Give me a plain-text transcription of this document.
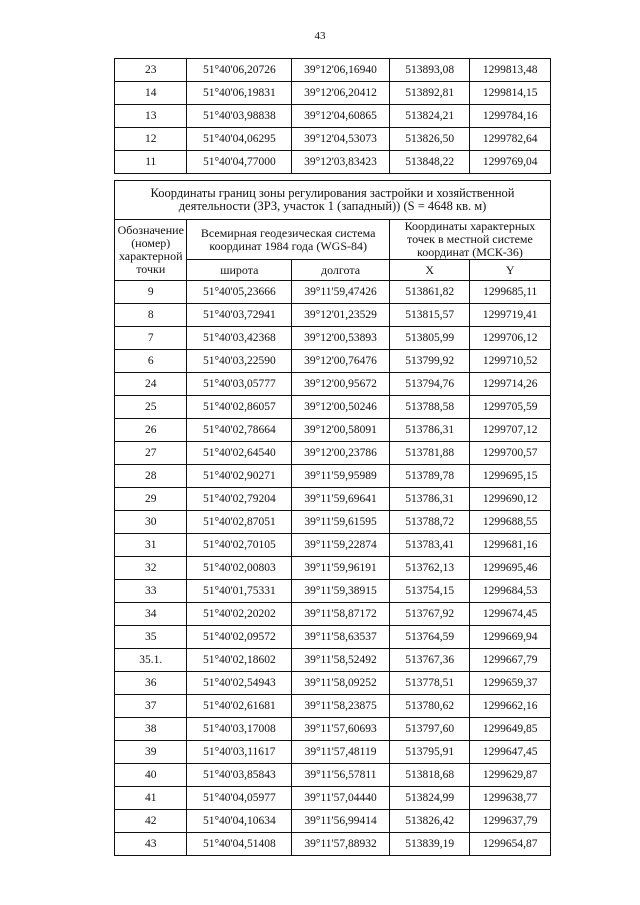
43
23	51°40'06,20726	39°12'06,16940	513893,08	1299813,48
14	51°40'06,19831	39°12'06,20412	513892,81	1299814,15
13	51°40'03,98838	39°12'04,60865	513824,21	1299784,16
12	51°40'04,06295	39°12'04,53073	513826,50	1299782,64
11	51°40'04,77000	39°12'03,83423	513848,22	1299769,04
Координаты границ зоны регулирования застройки и хозяйственной деятельности (ЗРЗ, участок 1 (западный)) (S = 4648 кв. м)				
Обозначение (номер) характерной точки	Всемирная геодезическая система координат 1984 года (WGS-84)		Координаты характерных точек в местной системе координат (МСК-36)	
	широта	долгота	X	Y
9	51°40'05,23666	39°11'59,47426	513861,82	1299685,11
8	51°40'03,72941	39°12'01,23529	513815,57	1299719,41
7	51°40'03,42368	39°12'00,53893	513805,99	1299706,12
6	51°40'03,22590	39°12'00,76476	513799,92	1299710,52
24	51°40'03,05777	39°12'00,95672	513794,76	1299714,26
25	51°40'02,86057	39°12'00,50246	513788,58	1299705,59
26	51°40'02,78664	39°12'00,58091	513786,31	1299707,12
27	51°40'02,64540	39°12'00,23786	513781,88	1299700,57
28	51°40'02,90271	39°11'59,95989	513789,78	1299695,15
29	51°40'02,79204	39°11'59,69641	513786,31	1299690,12
30	51°40'02,87051	39°11'59,61595	513788,72	1299688,55
31	51°40'02,70105	39°11'59,22874	513783,41	1299681,16
32	51°40'02,00803	39°11'59,96191	513762,13	1299695,46
33	51°40'01,75331	39°11'59,38915	513754,15	1299684,53
34	51°40'02,20202	39°11'58,87172	513767,92	1299674,45
35	51°40'02,09572	39°11'58,63537	513764,59	1299669,94
35.1.	51°40'02,18602	39°11'58,52492	513767,36	1299667,79
36	51°40'02,54943	39°11'58,09252	513778,51	1299659,37
37	51°40'02,61681	39°11'58,23875	513780,62	1299662,16
38	51°40'03,17008	39°11'57,60693	513797,60	1299649,85
39	51°40'03,11617	39°11'57,48119	513795,91	1299647,45
40	51°40'03,85843	39°11'56,57811	513818,68	1299629,87
41	51°40'04,05977	39°11'57,04440	513824,99	1299638,77
42	51°40'04,10634	39°11'56,99414	513826,42	1299637,79
43	51°40'04,51408	39°11'57,88932	513839,19	1299654,87
